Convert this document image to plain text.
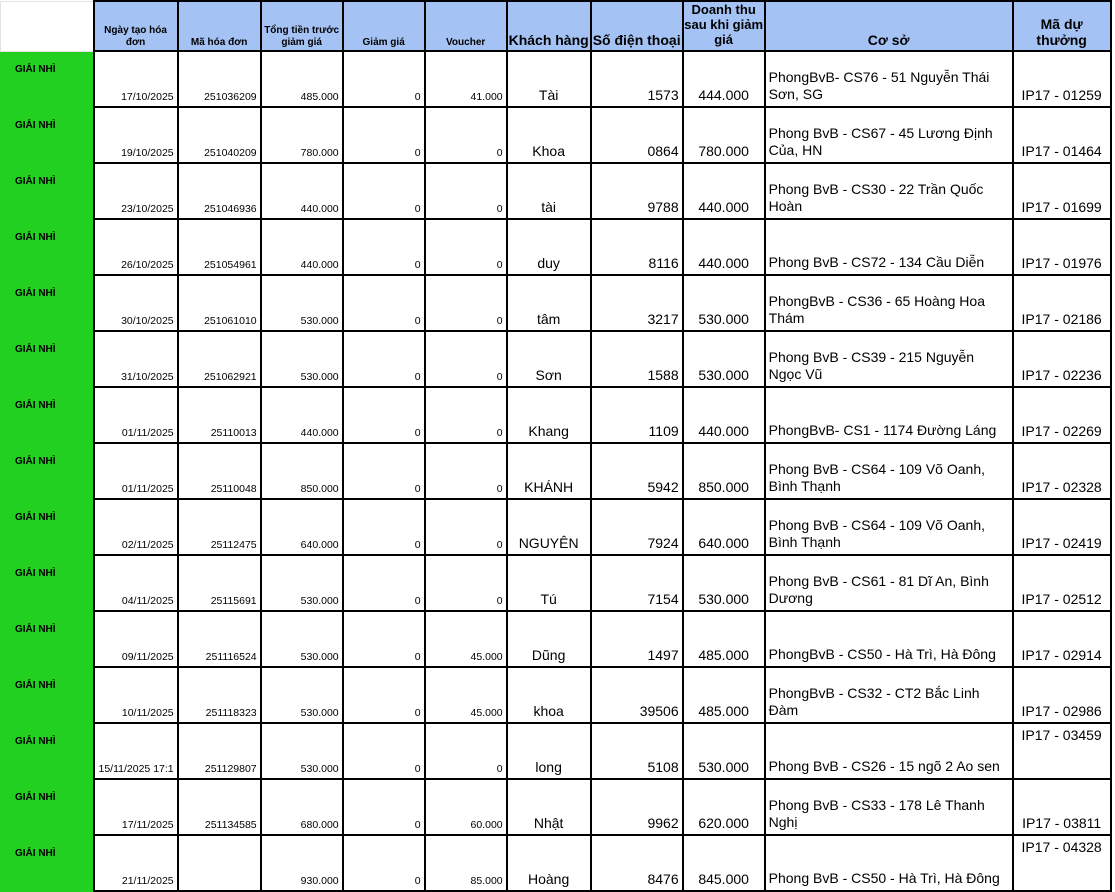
	Ngày tạo hóa đơn	Mã hóa đơn	Tổng tiền trước giảm giá	Giảm giá	Voucher	Khách hàng	Số điện thoại	Doanh thu sau khi giảm giá	Cơ sở	Mã dự thưởng
GIẢI NHÌ	17/10/2025	251036209	485.000	0	41.000	Tài	1573	444.000	PhongBvB- CS76 - 51 Nguyễn Thái Sơn, SG	IP17 - 01259
GIẢI NHÌ	19/10/2025	251040209	780.000	0	0	Khoa	0864	780.000	Phong BvB - CS67 - 45 Lương Định Của, HN	IP17 - 01464
GIẢI NHÌ	23/10/2025	251046936	440.000	0	0	tài	9788	440.000	Phong BvB - CS30 - 22 Trần Quốc Hoàn	IP17 - 01699
GIẢI NHÌ	26/10/2025	251054961	440.000	0	0	duy	8116	440.000	Phong BvB - CS72 - 134 Cầu Diễn	IP17 - 01976
GIẢI NHÌ	30/10/2025	251061010	530.000	0	0	tâm	3217	530.000	PhongBvB - CS36 - 65 Hoàng Hoa Thám	IP17 - 02186
GIẢI NHÌ	31/10/2025	251062921	530.000	0	0	Sơn	1588	530.000	Phong BvB - CS39 - 215 Nguyễn Ngọc Vũ	IP17 - 02236
GIẢI NHÌ	01/11/2025	25110013	440.000	0	0	Khang	1109	440.000	PhongBvB- CS1 - 1174 Đường Láng	IP17 - 02269
GIẢI NHÌ	01/11/2025	25110048	850.000	0	0	KHÁNH	5942	850.000	Phong BvB - CS64 - 109 Võ Oanh, Bình Thạnh	IP17 - 02328
GIẢI NHÌ	02/11/2025	25112475	640.000	0	0	NGUYÊN	7924	640.000	Phong BvB - CS64 - 109 Võ Oanh, Bình Thạnh	IP17 - 02419
GIẢI NHÌ	04/11/2025	25115691	530.000	0	0	Tú	7154	530.000	Phong BvB - CS61 - 81 Dĩ An, Bình Dương	IP17 - 02512
GIẢI NHÌ	09/11/2025	251116524	530.000	0	45.000	Dũng	1497	485.000	PhongBvB - CS50 - Hà Trì, Hà Đông	IP17 - 02914
GIẢI NHÌ	10/11/2025	251118323	530.000	0	45.000	khoa	39506	485.000	PhongBvB - CS32 - CT2 Bắc Linh Đàm	IP17 - 02986
GIẢI NHÌ	15/11/2025 17:1	251129807	530.000	0	0	long	5108	530.000	Phong BvB - CS26 - 15 ngõ 2 Ao sen	IP17 - 03459
GIẢI NHÌ	17/11/2025	251134585	680.000	0	60.000	Nhật	9962	620.000	Phong BvB - CS33 - 178 Lê Thanh Nghị	IP17 - 03811
GIẢI NHÌ	21/11/2025		930.000	0	85.000	Hoàng	8476	845.000	Phong BvB - CS50 - Hà Trì, Hà Đông	IP17 - 04328
